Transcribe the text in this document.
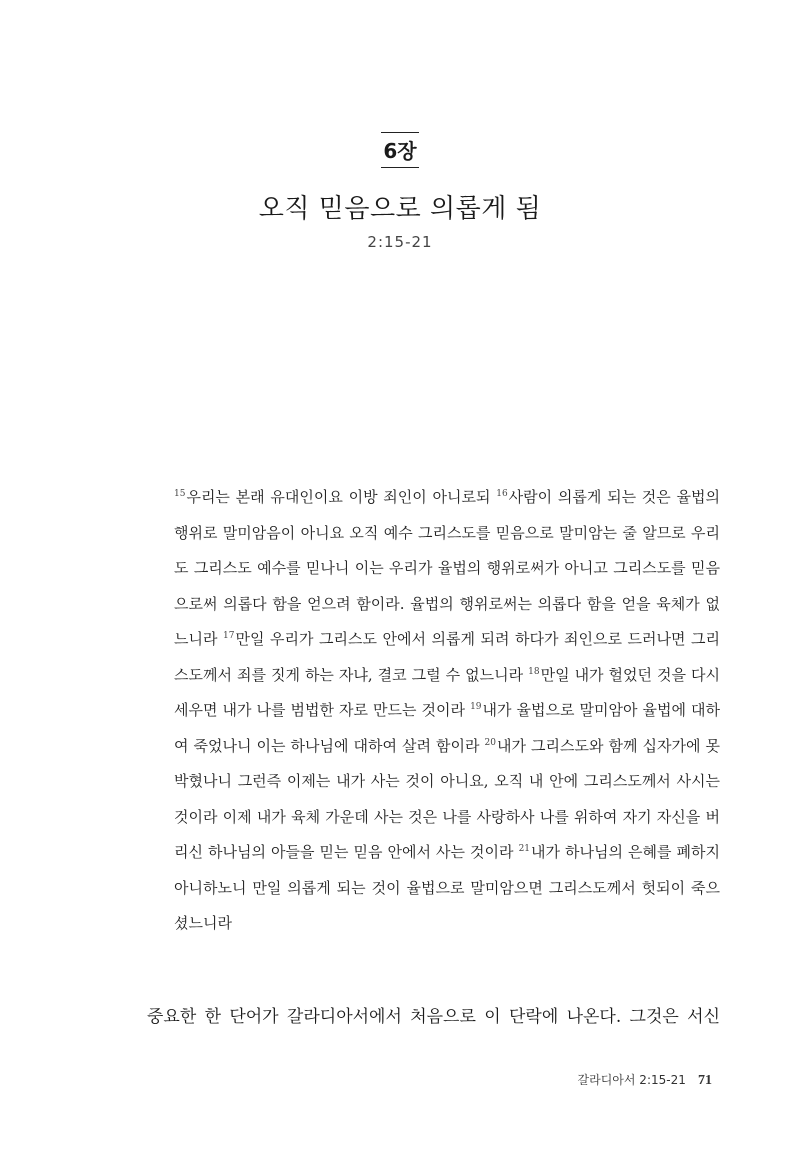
6장
오직 믿음으로 의롭게 됨
2:15-21
$^{15}$우리는 본래 유대인이요 이방 죄인이 아니로되 $^{16}$사람이 의롭게 되는 것은 율법의 행위로 말미암음이 아니요 오직 예수 그리스도를 믿음으로 말미암는 줄 알므로 우리도 그리스도 예수를 믿나니 이는 우리가 율법의 행위로써가 아니고 그리스도를 믿음으로써 의롭다 함을 얻으려 함이라. 율법의 행위로써는 의롭다 함을 얻을 육체가 없느니라 $^{17}$만일 우리가 그리스도 안에서 의롭게 되려 하다가 죄인으로 드러나면 그리스도께서 죄를 짓게 하는 자냐, 결코 그럴 수 없느니라 $^{18}$만일 내가 헐었던 것을 다시 세우면 내가 나를 범법한 자로 만드는 것이라 $^{19}$내가 율법으로 말미암아 율법에 대하여 죽었나니 이는 하나님에 대하여 살려 함이라 $^{20}$내가 그리스도와 함께 십자가에 못 박혔나니 그런즉 이제는 내가 사는 것이 아니요, 오직 내 안에 그리스도께서 사시는 것이라 이제 내가 육체 가운데 사는 것은 나를 사랑하사 나를 위하여 자기 자신을 버리신 하나님의 아들을 믿는 믿음 안에서 사는 것이라 $^{21}$내가 하나님의 은혜를 폐하지 아니하노니 만일 의롭게 되는 것이 율법으로 말미암으면 그리스도께서 헛되이 죽으셨느니라
중요한 한 단어가 갈라디아서에서 처음으로 이 단락에 나온다. 그것은 서신
갈라디아서 2:15-21 71
